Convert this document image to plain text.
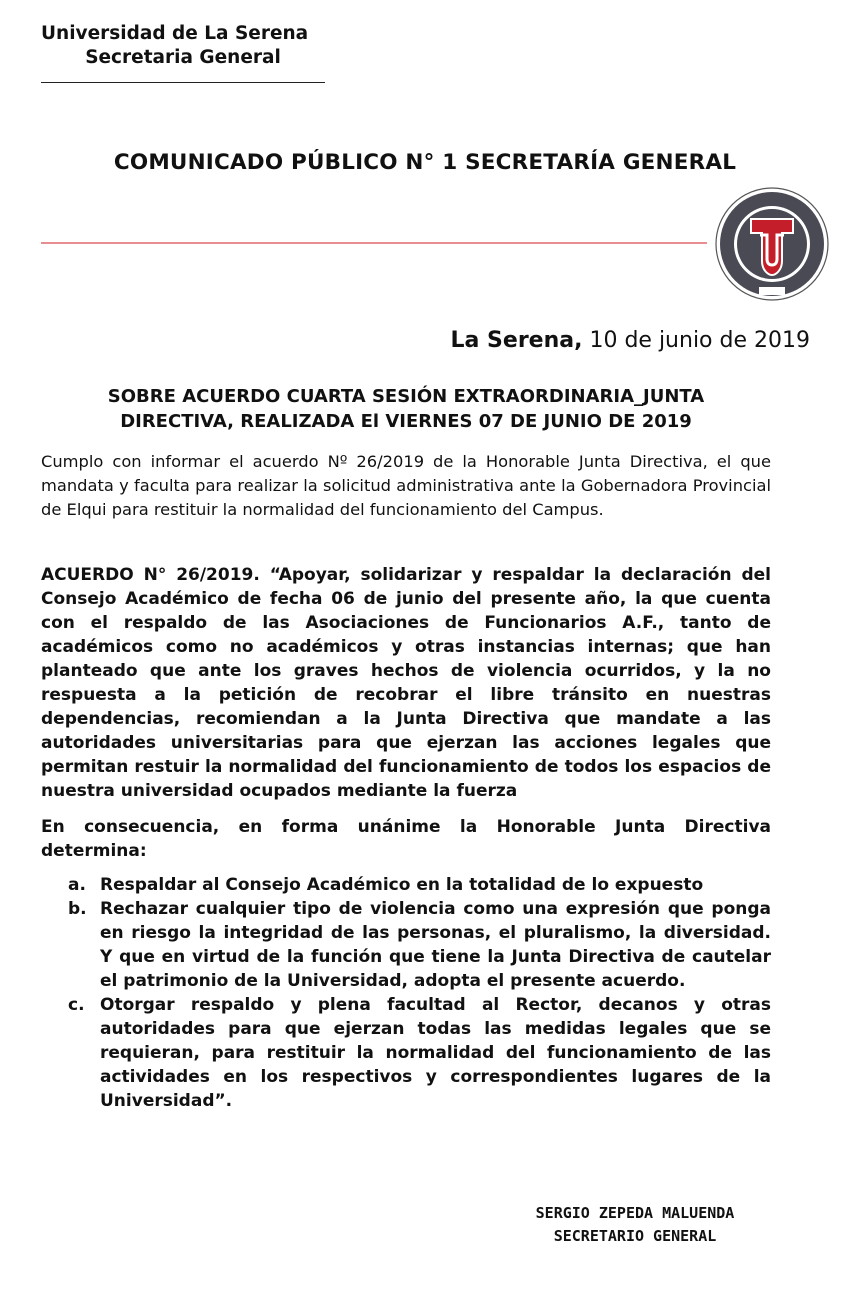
Universidad de La Serena
Secretaria General
COMUNICADO PÚBLICO N° 1 SECRETARÍA GENERAL
La Serena, 10 de junio de 2019
SOBRE ACUERDO CUARTA SESIÓN EXTRAORDINARIA_JUNTA
DIRECTIVA, REALIZADA El VIERNES 07 DE JUNIO DE 2019
Cumplo con informar el acuerdo Nº 26/2019 de la Honorable Junta Directiva, el que mandata y faculta para realizar la solicitud administrativa ante la Gobernadora Provincial de Elqui para restituir la normalidad del funcionamiento del Campus.
ACUERDO N° 26/2019. “Apoyar, solidarizar y respaldar la declaración del Consejo Académico de fecha 06 de junio del presente año, la que cuenta con el respaldo de las Asociaciones de Funcionarios A.F., tanto de académicos como no académicos y otras instancias internas; que han planteado que ante los graves hechos de violencia ocurridos, y la no respuesta a la petición de recobrar el libre tránsito en nuestras dependencias, recomiendan a la Junta Directiva que mandate a las autoridades universitarias para que ejerzan las acciones legales que permitan restuir la normalidad del funcionamiento de todos los espacios de nuestra universidad ocupados mediante la fuerza
En consecuencia, en forma unánime la Honorable Junta Directiva determina:
a. Respaldar al Consejo Académico en la totalidad de lo expuesto
b. Rechazar cualquier tipo de violencia como una expresión que ponga en riesgo la integridad de las personas, el pluralismo, la diversidad. Y que en virtud de la función que tiene la Junta Directiva de cautelar el patrimonio de la Universidad, adopta el presente acuerdo.
c. Otorgar respaldo y plena facultad al Rector, decanos y otras autoridades para que ejerzan todas las medidas legales que se requieran, para restituir la normalidad del funcionamiento de las actividades en los respectivos y correspondientes lugares de la Universidad”.
SERGIO ZEPEDA MALUENDA
SECRETARIO GENERAL
